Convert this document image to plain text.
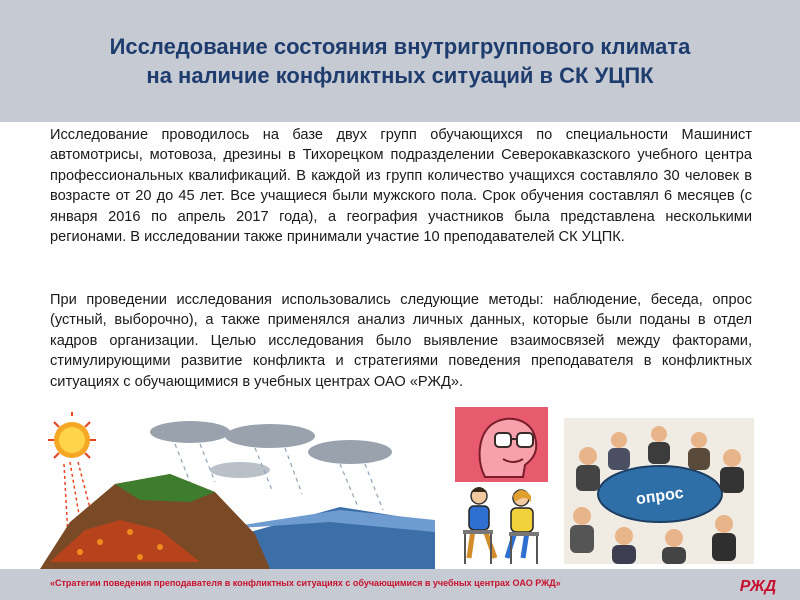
Исследование состояния внутригруппового климата
на наличие конфликтных ситуаций в СК УЦПК

Исследование проводилось на базе двух групп обучающихся по специальности Машинист автомотрисы, мотовоза, дрезины в Тихорецком подразделении Северокавказского учебного центра профессиональных квалификаций. В каждой из групп количество учащихся составляло 30 человек в возрасте от 20 до 45 лет. Все учащиеся были мужского пола. Срок обучения составлял 6 месяцев (с января 2016 по апрель 2017 года), а география участников была представлена несколькими регионами. В исследовании также принимали участие 10 преподавателей СК УЦПК.

При проведении исследования использовались следующие методы: наблюдение, беседа, опрос (устный, выборочно), а также применялся анализ личных данных, которые были поданы в отдел кадров организации. Целью исследования было выявление взаимосвязей между факторами, стимулирующими развитие конфликта и стратегиями поведения преподавателя в конфликтных ситуациях с обучающимися в учебных центрах ОАО «РЖД».

опрос
«Стратегии поведения преподавателя в конфликтных ситуациях с обучающимися в учебных центрах ОАО РЖД»	РЖД
